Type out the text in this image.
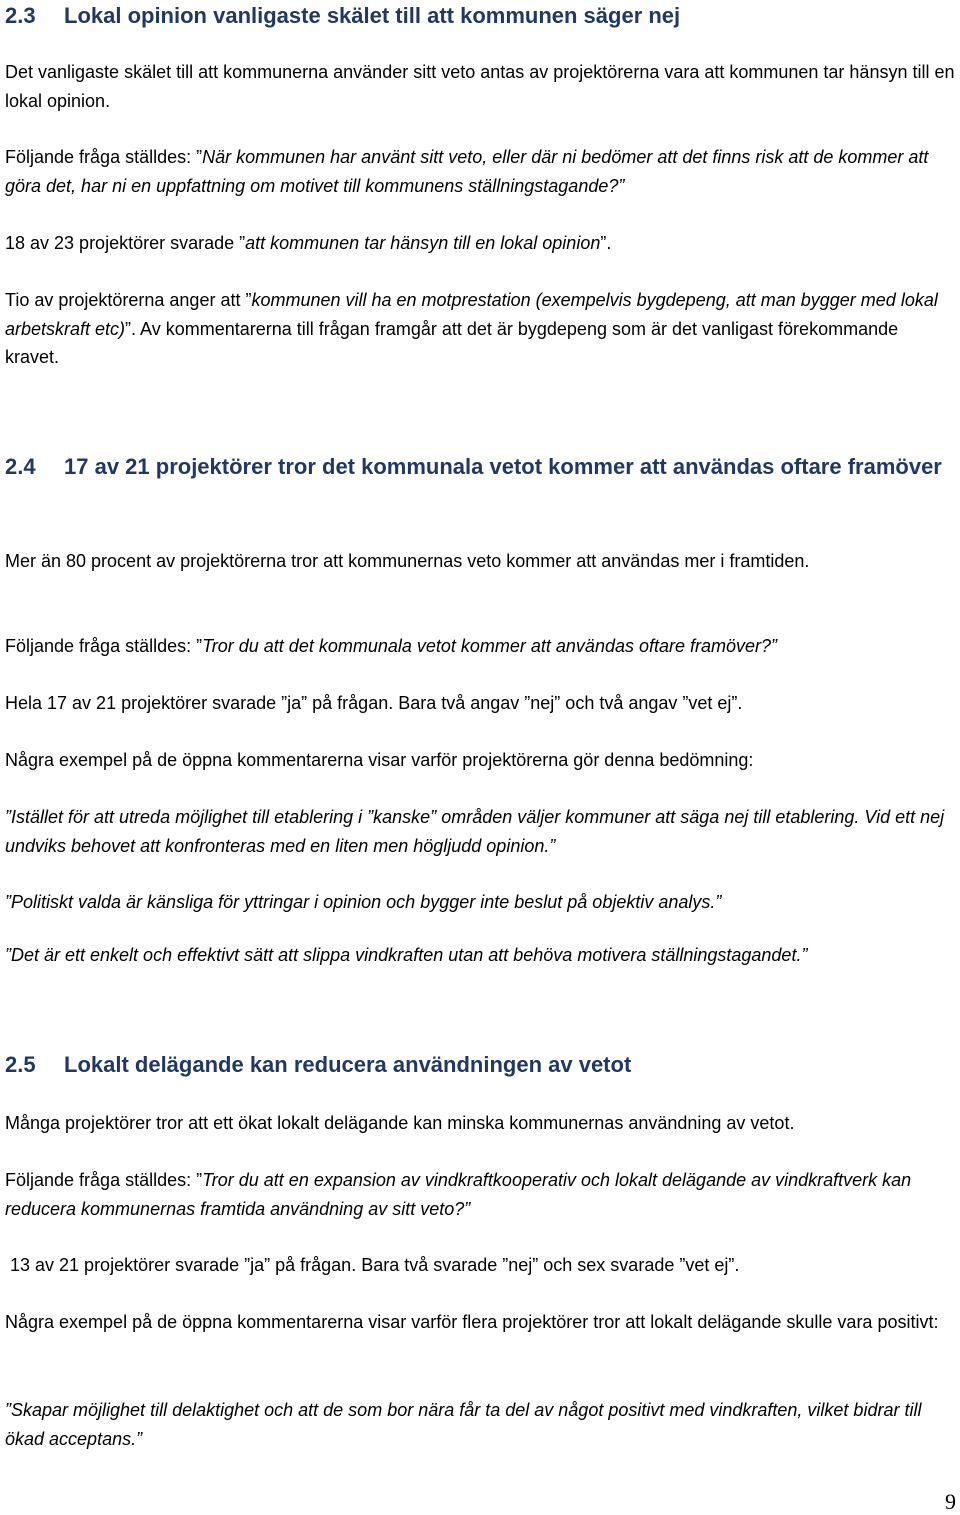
2.3	Lokal opinion vanligaste skälet till att kommunen säger nej

Det vanligaste skälet till att kommunerna använder sitt veto antas av projektörerna vara att kommunen tar hänsyn till en lokal opinion.

Följande fråga ställdes: ”När kommunen har använt sitt veto, eller där ni bedömer att det finns risk att de kommer att göra det, har ni en uppfattning om motivet till kommunens ställningstagande?”

18 av 23 projektörer svarade ”att kommunen tar hänsyn till en lokal opinion”.

Tio av projektörerna anger att ”kommunen vill ha en motprestation (exempelvis bygdepeng, att man bygger med lokal arbetskraft etc)”. Av kommentarerna till frågan framgår att det är bygdepeng som är det vanligast förekommande kravet.

2.4	17 av 21 projektörer tror det kommunala vetot kommer att användas oftare framöver

Mer än 80 procent av projektörerna tror att kommunernas veto kommer att användas mer i framtiden.

Följande fråga ställdes: ”Tror du att det kommunala vetot kommer att användas oftare framöver?”

Hela 17 av 21 projektörer svarade ”ja” på frågan. Bara två angav ”nej” och två angav ”vet ej”.

Några exempel på de öppna kommentarerna visar varför projektörerna gör denna bedömning:

”Istället för att utreda möjlighet till etablering i ”kanske” områden väljer kommuner att säga nej till etablering. Vid ett nej undviks behovet att konfronteras med en liten men högljudd opinion.”

”Politiskt valda är känsliga för yttringar i opinion och bygger inte beslut på objektiv analys.”

”Det är ett enkelt och effektivt sätt att slippa vindkraften utan att behöva motivera ställningstagandet.”

2.5	Lokalt delägande kan reducera användningen av vetot

Många projektörer tror att ett ökat lokalt delägande kan minska kommunernas användning av vetot.

Följande fråga ställdes: ”Tror du att en expansion av vindkraftkooperativ och lokalt delägande av vindkraftverk kan reducera kommunernas framtida användning av sitt veto?”

13 av 21 projektörer svarade ”ja” på frågan. Bara två svarade ”nej” och sex svarade ”vet ej”.

Några exempel på de öppna kommentarerna visar varför flera projektörer tror att lokalt delägande skulle vara positivt:

”Skapar möjlighet till delaktighet och att de som bor nära får ta del av något positivt med vindkraften, vilket bidrar till ökad acceptans.”

9
